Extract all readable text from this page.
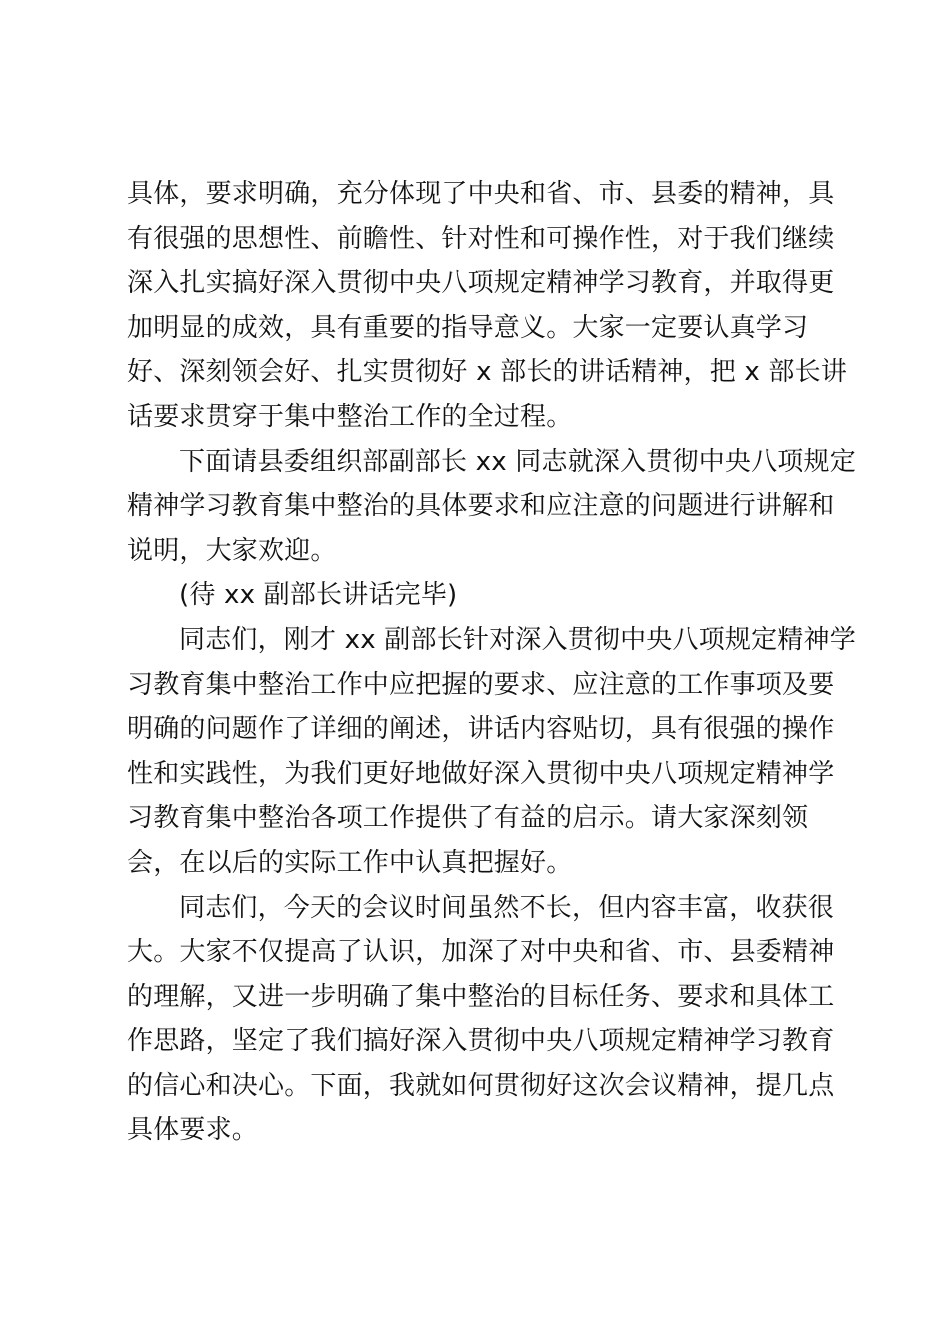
具体，要求明确，充分体现了中央和省、市、县委的精神，具
有很强的思想性、前瞻性、针对性和可操作性，对于我们继续
深入扎实搞好深入贯彻中央八项规定精神学习教育，并取得更
加明显的成效，具有重要的指导意义。大家一定要认真学习
好、深刻领会好、扎实贯彻好 x 部长的讲话精神，把 x 部长讲
话要求贯穿于集中整治工作的全过程。
下面请县委组织部副部长 xx 同志就深入贯彻中央八项规定
精神学习教育集中整治的具体要求和应注意的问题进行讲解和
说明，大家欢迎。
(待 xx 副部长讲话完毕)
同志们，刚才 xx 副部长针对深入贯彻中央八项规定精神学
习教育集中整治工作中应把握的要求、应注意的工作事项及要
明确的问题作了详细的阐述，讲话内容贴切，具有很强的操作
性和实践性，为我们更好地做好深入贯彻中央八项规定精神学
习教育集中整治各项工作提供了有益的启示。请大家深刻领
会，在以后的实际工作中认真把握好。
同志们，今天的会议时间虽然不长，但内容丰富，收获很
大。大家不仅提高了认识，加深了对中央和省、市、县委精神
的理解，又进一步明确了集中整治的目标任务、要求和具体工
作思路，坚定了我们搞好深入贯彻中央八项规定精神学习教育
的信心和决心。下面，我就如何贯彻好这次会议精神，提几点
具体要求。
